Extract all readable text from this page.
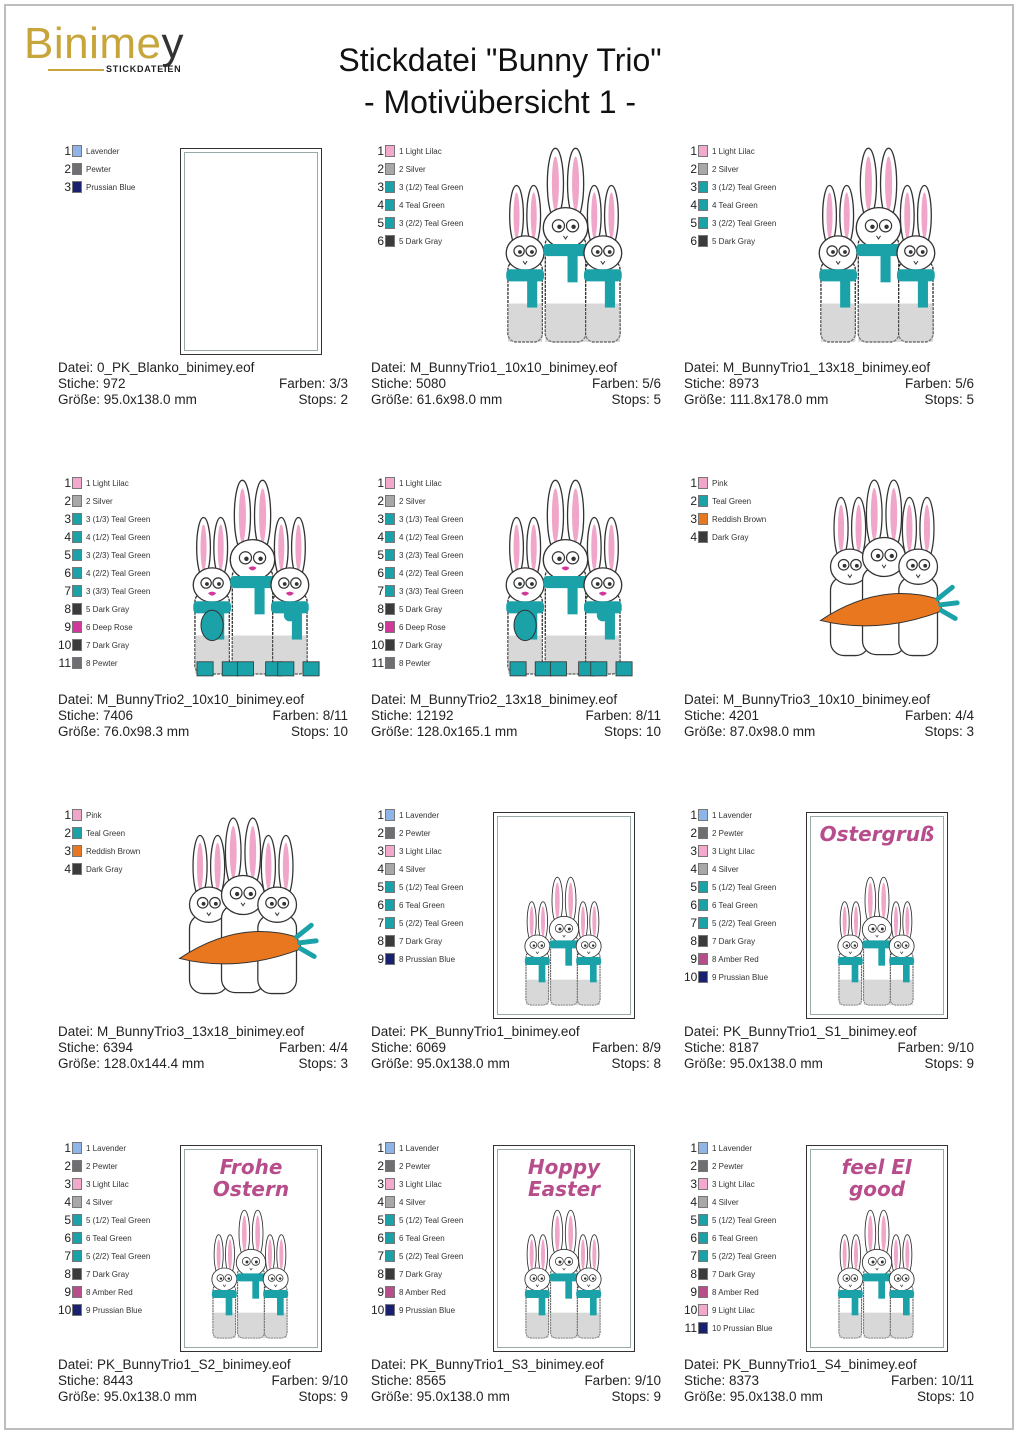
Binimey
STICKDATEIEN	Stickdatei "Bunny Trio"
- Motivübersicht 1 -
1 Lavender
2 Pewter
3 Prussian Blue
Datei: 0_PK_Blanko_binimey.eof
Stiche: 972	Farben: 3/3
Größe: 95.0x138.0 mm	Stops: 2
1 1 Light Lilac
2 2 Silver
3 3 (1/2) Teal Green
4 4 Teal Green
5 3 (2/2) Teal Green
6 5 Dark Gray
Datei: M_BunnyTrio1_10x10_binimey.eof
Stiche: 5080	Farben: 5/6
Größe: 61.6x98.0 mm	Stops: 5
1 1 Light Lilac
2 2 Silver
3 3 (1/2) Teal Green
4 4 Teal Green
5 3 (2/2) Teal Green
6 5 Dark Gray
Datei: M_BunnyTrio1_13x18_binimey.eof
Stiche: 8973	Farben: 5/6
Größe: 111.8x178.0 mm	Stops: 5
1 1 Light Lilac
2 2 Silver
3 3 (1/3) Teal Green
4 4 (1/2) Teal Green
5 3 (2/3) Teal Green
6 4 (2/2) Teal Green
7 3 (3/3) Teal Green
8 5 Dark Gray
9 6 Deep Rose
10 7 Dark Gray
11 8 Pewter
Datei: M_BunnyTrio2_10x10_binimey.eof
Stiche: 7406	Farben: 8/11
Größe: 76.0x98.3 mm	Stops: 10
1 1 Light Lilac
2 2 Silver
3 3 (1/3) Teal Green
4 4 (1/2) Teal Green
5 3 (2/3) Teal Green
6 4 (2/2) Teal Green
7 3 (3/3) Teal Green
8 5 Dark Gray
9 6 Deep Rose
10 7 Dark Gray
11 8 Pewter
Datei: M_BunnyTrio2_13x18_binimey.eof
Stiche: 12192	Farben: 8/11
Größe: 128.0x165.1 mm	Stops: 10
1 Pink
2 Teal Green
3 Reddish Brown
4 Dark Gray
Datei: M_BunnyTrio3_10x10_binimey.eof
Stiche: 4201	Farben: 4/4
Größe: 87.0x98.0 mm	Stops: 3
1 Pink
2 Teal Green
3 Reddish Brown
4 Dark Gray
Datei: M_BunnyTrio3_13x18_binimey.eof
Stiche: 6394	Farben: 4/4
Größe: 128.0x144.4 mm	Stops: 3
1 1 Lavender
2 2 Pewter
3 3 Light Lilac
4 4 Silver
5 5 (1/2) Teal Green
6 6 Teal Green
7 5 (2/2) Teal Green
8 7 Dark Gray
9 8 Prussian Blue
Datei: PK_BunnyTrio1_binimey.eof
Stiche: 6069	Farben: 8/9
Größe: 95.0x138.0 mm	Stops: 8
1 1 Lavender
2 2 Pewter
3 3 Light Lilac
4 4 Silver
5 5 (1/2) Teal Green
6 6 Teal Green
7 5 (2/2) Teal Green
8 7 Dark Gray
9 8 Amber Red
10 9 Prussian Blue
Ostergruß
Datei: PK_BunnyTrio1_S1_binimey.eof
Stiche: 8187	Farben: 9/10
Größe: 95.0x138.0 mm	Stops: 9
1 1 Lavender
2 2 Pewter
3 3 Light Lilac
4 4 Silver
5 5 (1/2) Teal Green
6 6 Teal Green
7 5 (2/2) Teal Green
8 7 Dark Gray
9 8 Amber Red
10 9 Prussian Blue
Frohe Ostern
Datei: PK_BunnyTrio1_S2_binimey.eof
Stiche: 8443	Farben: 9/10
Größe: 95.0x138.0 mm	Stops: 9
1 1 Lavender
2 2 Pewter
3 3 Light Lilac
4 4 Silver
5 5 (1/2) Teal Green
6 6 Teal Green
7 5 (2/2) Teal Green
8 7 Dark Gray
9 8 Amber Red
10 9 Prussian Blue
Hoppy Easter
Datei: PK_BunnyTrio1_S3_binimey.eof
Stiche: 8565	Farben: 9/10
Größe: 95.0x138.0 mm	Stops: 9
1 1 Lavender
2 2 Pewter
3 3 Light Lilac
4 4 Silver
5 5 (1/2) Teal Green
6 6 Teal Green
7 5 (2/2) Teal Green
8 7 Dark Gray
9 8 Amber Red
10 9 Light Lilac
11 10 Prussian Blue
feel EI good
Datei: PK_BunnyTrio1_S4_binimey.eof
Stiche: 8373	Farben: 10/11
Größe: 95.0x138.0 mm	Stops: 10
